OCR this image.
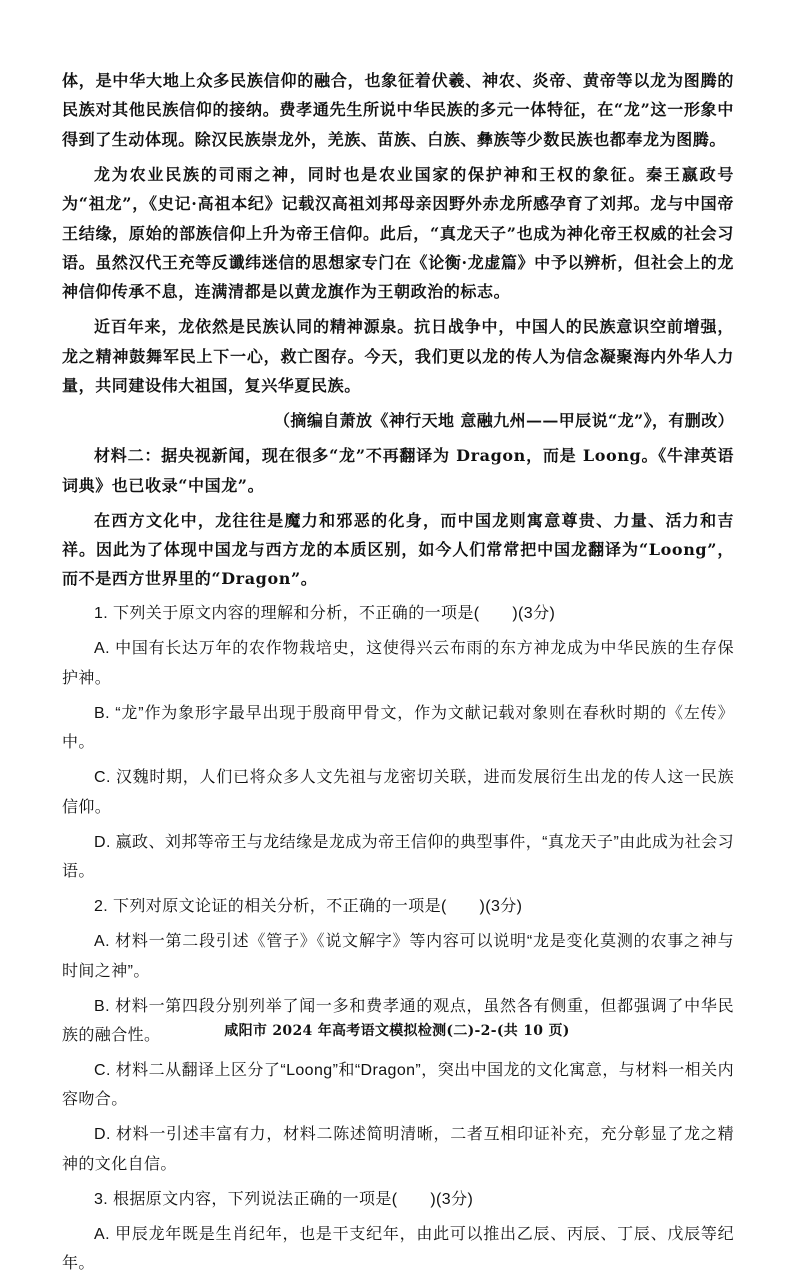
体，是中华大地上众多民族信仰的融合，也象征着伏羲、神农、炎帝、黄帝等以龙为图腾的民族对其他民族信仰的接纳。费孝通先生所说中华民族的多元一体特征，在“龙”这一形象中得到了生动体现。除汉民族崇龙外，羌族、苗族、白族、彝族等少数民族也都奉龙为图腾。

龙为农业民族的司雨之神，同时也是农业国家的保护神和王权的象征。秦王嬴政号为“祖龙”，《史记·高祖本纪》记载汉高祖刘邦母亲因野外赤龙所感孕育了刘邦。龙与中国帝王结缘，原始的部族信仰上升为帝王信仰。此后，“真龙天子”也成为神化帝王权威的社会习语。虽然汉代王充等反谶纬迷信的思想家专门在《论衡·龙虚篇》中予以辨析，但社会上的龙神信仰传承不息，连满清都是以黄龙旗作为王朝政治的标志。

近百年来，龙依然是民族认同的精神源泉。抗日战争中，中国人的民族意识空前增强，龙之精神鼓舞军民上下一心，救亡图存。今天，我们更以龙的传人为信念凝聚海内外华人力量，共同建设伟大祖国，复兴华夏民族。

（摘编自萧放《神行天地 意融九州——甲辰说“龙”》，有删改）

材料二：据央视新闻，现在很多“龙”不再翻译为 Dragon，而是 Loong。《牛津英语词典》也已收录“中国龙”。

在西方文化中，龙往往是魔力和邪恶的化身，而中国龙则寓意尊贵、力量、活力和吉祥。因此为了体现中国龙与西方龙的本质区别，如今人们常常把中国龙翻译为“Loong”，而不是西方世界里的“Dragon”。

1. 下列关于原文内容的理解和分析，不正确的一项是(　　)(3分)

A. 中国有长达万年的农作物栽培史，这使得兴云布雨的东方神龙成为中华民族的生存保护神。

B. “龙”作为象形字最早出现于殷商甲骨文，作为文献记载对象则在春秋时期的《左传》中。

C. 汉魏时期，人们已将众多人文先祖与龙密切关联，进而发展衍生出龙的传人这一民族信仰。

D. 嬴政、刘邦等帝王与龙结缘是龙成为帝王信仰的典型事件，“真龙天子”由此成为社会习语。

2. 下列对原文论证的相关分析，不正确的一项是(　　)(3分)

A. 材料一第二段引述《管子》《说文解字》等内容可以说明“龙是变化莫测的农事之神与时间之神”。

B. 材料一第四段分别列举了闻一多和费孝通的观点，虽然各有侧重，但都强调了中华民族的融合性。

C. 材料二从翻译上区分了“Loong”和“Dragon”，突出中国龙的文化寓意，与材料一相关内容吻合。

D. 材料一引述丰富有力，材料二陈述简明清晰，二者互相印证补充，充分彰显了龙之精神的文化自信。

3. 根据原文内容，下列说法正确的一项是(　　)(3分)

A. 甲辰龙年既是生肖纪年，也是干支纪年，由此可以推出乙辰、丙辰、丁辰、戊辰等纪年。

咸阳市 2024 年高考语文模拟检测(二)-2-(共 10 页)
